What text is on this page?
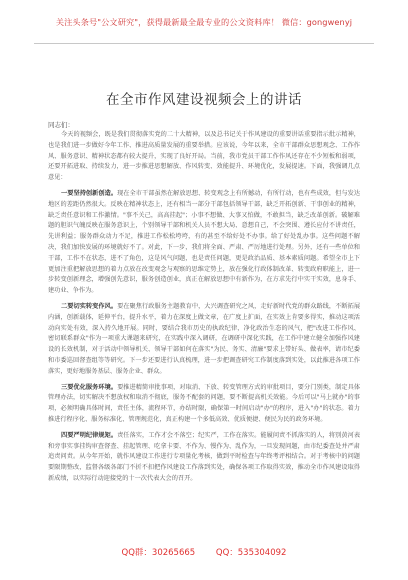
关注头条号"公文研究"，获得最新最全最专业的公文资料库！ 微信：gongwenyj
在全市作风建设视频会上的讲话
同志们：

今天的视频会，既是我们贯彻落实党的二十大精神，以及总书记关于作风建设的重要讲话重要指示批示精神，也是我们进一步做好今年工作、推进高质量发展的重要举措。应该说，今年以来，全市干部群众思想观念、工作作风、服务意识、精神状态都有较大提升，实现了良好开局。当前，我市党员干部工作作风还存在不少短板和弱项，还要开拓进取、持续发力，进一步推进思想解放、作风转变、效能提升、环境优化，发展提速。下面，我强调几点意见：

一要坚持创新创造。现在全市干部虽然在解放思想、转变观念上有所撼动，有所行动，也有些成效，但与发达地区的差距仍然很大。反映在精神状态上，还有相当一部分干部包括领导干部，缺乏开拓创新、干事创业的精神，缺乏责任意识和工作激情。"事不关己，高高挂起"；小事不想做、大事又怕做，不敢担当，缺乏改革创新。破解难题的胆识气魄反映在服务意识上，个别领导干部和机关人员不想大局、意想自己，不会突围、遵长应付不讲责任，先讲利益；服务群众动力不足，推进工作松松垮垮，有的甚至不给好处不办事。给了好处乱办事。这些问题不解决，我们加快发展的环境就好不了。对此，下一步，我们将全面、严肃、严厉地进行处理。另外，还有一些单位和干部，工作不在状态，进不了角色，这是风气问题，也是责任问题，更是政治品质、基本素质问题。希望全市上下更加注重把解放思想的着力点放在改变观念与观察的思维定势上，放在强化行政体制改革、转变政府职能上，进一步转变创新理念，增强创先意识，服务创造创业，真正在解放思想中有新作为，在方求先行中实干实效，息身手、建功业、争作为。

二要切实转变作风。要在聚焦行政服务主题教育中，大兴调查研究之风，走好新时代党的群众路线，不断拓展内涵，创新载体，延伸平台，提升水平，着力在深度上做文章，在广度上扩面，在实效上肯要多得实，推动这项活动向实处有效，深入持久地开展。同时，要结合我市历史的执政纪律，净化政治生态的风气，把"改进工作作风、密切联系群众"作为一项重大课题来研究，在实践中深入调研，在调研中深化实践，在工作中建立健全加强作风建设的长效机制，对于活动中领导机关、领导干部如何在落实"为民、务实、清廉"要求上带好头、做表率，请市纪委和市委巡回督查组等等研究。下一步还要进行认真梳理，进一步把调查研究工作制度落到实处，以此推进各项工作落实，更好地服务基层、服务企业、群众。

三要优化服务环境。要推进精简审批事项，对取消、下放、转变管理方式的审批项目，要分门别类，制定具体管理办法，切实解决不想放权和取消不彻底，服务不配套的问题，要不断提高机关效能。今后可以"马上就办"的事项，必须明确具体时间，责任主体，流程环节，办结时限，确保第一时间启动"办"的程序，进入"办"的状态。着力推进行程序化、服务标准化、管理规范化，真正构建一个多低高效、优质便捷、便民为民的政务环境。

四要严明纪律规矩。责任落实，工作才会不落空；纪实严，工作在落实。能履问责不抓落实的人，将别黄河表和旁事实事挂钩审查督查、挂起管理、吃拿卡要、不作为、慢作为、乱作为，一旦发现问题，由市纪委查处并严肃追责问责。从今年开始，就作风建设工作进行专项量化考核，做到平时检查与年终考评相结合。对于考核中的问题要限期整改，监督各级各部门不折不扣把作风建设工作落到实处，确保各项工作取得实效，推动全市作风建设取得新成绩，以实际行动迎接党的十一次代表大会的召开。

QQ群：30265665 QQ：535304092
